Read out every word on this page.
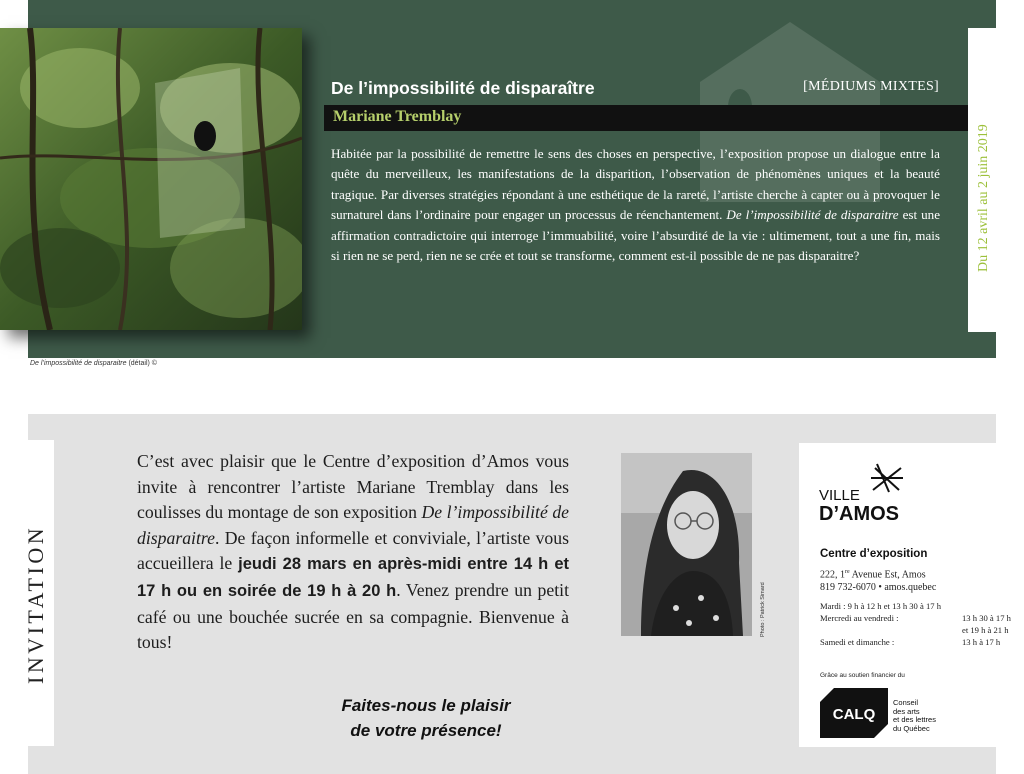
De l’impossibilité de disparaitre (détail) ©
De l’impossibilité de disparaître	[MÉDIUMS MIXTES]
Mariane Tremblay
Habitée par la possibilité de remettre le sens des choses en perspective, l’exposition propose un dialogue entre la quête du merveilleux, les manifestations de la disparition, l’observation de phénomènes uniques et la beauté tragique. Par diverses stratégies répondant à une esthétique de la rareté, l’artiste cherche à capter ou à provoquer le surnaturel dans l’ordinaire pour engager un processus de réenchantement. De l’impossibilité de disparaitre est une affirmation contradictoire qui interroge l’immuabilité, voire l’absurdité de la vie : ultimement, tout a une fin, mais si rien ne se perd, rien ne se crée et tout se transforme, comment est-il possible de ne pas disparaitre?	Du 12 avril au 2 juin 2019
INVITATION
C’est avec plaisir que le Centre d’exposition d’Amos vous invite à rencontrer l’artiste Mariane Tremblay dans les coulisses du montage de son exposition De l’impossibilité de disparaitre. De façon informelle et conviviale, l’artiste vous accueillera le jeudi 28 mars en après-midi entre 14 h et 17 h ou en soirée de 19 h à 20 h. Venez prendre un petit café ou une bouchée sucrée en sa compagnie. Bienvenue à tous!
Faites-nous le plaisir
de votre présence!
Photo : Patrick Simard
VILLE
D’AMOS
Centre d’exposition
222, 1re Avenue Est, Amos
819 732-6070 • amos.quebec
Mardi : 9 h à 12 h et 13 h 30 à 17 h
Mercredi au vendredi :	13 h 30 à 17 h
et 19 h à 21 h
Samedi et dimanche :	13 h à 17 h
Grâce au soutien financier du
CALQ
Conseil
des arts
et des lettres
du Québec
